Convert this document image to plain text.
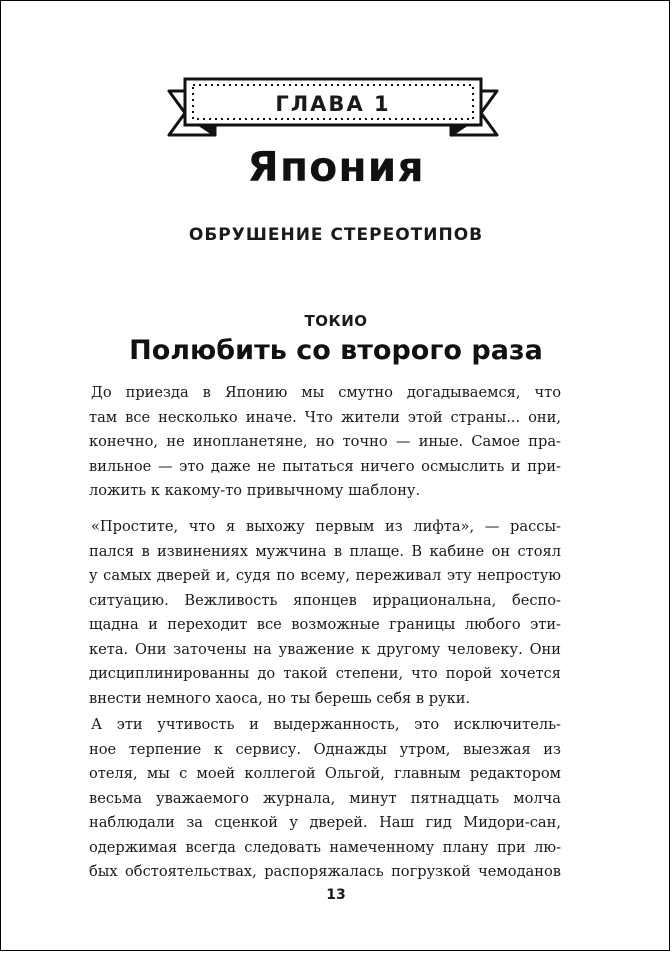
ГЛАВА 1
Япония
ОБРУШЕНИЕ СТЕРЕОТИПОВ
ТОКИО
Полюбить со второго раза
До приезда в Японию мы смутно догадываемся, что
там все несколько иначе. Что жители этой страны... они,
конечно, не инопланетяне, но точно — иные. Самое пра-
вильное — это даже не пытаться ничего осмыслить и при-
ложить к какому-то привычному шаблону.
«Простите, что я выхожу первым из лифта», — рассы-
пался в извинениях мужчина в плаще. В кабине он стоял
у самых дверей и, судя по всему, переживал эту непростую
ситуацию. Вежливость японцев иррациональна, беспо-
щадна и переходит все возможные границы любого эти-
кета. Они заточены на уважение к другому человеку. Они
дисциплинированны до такой степени, что порой хочется
внести немного хаоса, но ты берешь себя в руки.
А эти учтивость и выдержанность, это исключитель-
ное терпение к сервису. Однажды утром, выезжая из
отеля, мы с моей коллегой Ольгой, главным редактором
весьма уважаемого журнала, минут пятнадцать молча
наблюдали за сценкой у дверей. Наш гид Мидори-сан,
одержимая всегда следовать намеченному плану при лю-
бых обстоятельствах, распоряжалась погрузкой чемоданов
13
